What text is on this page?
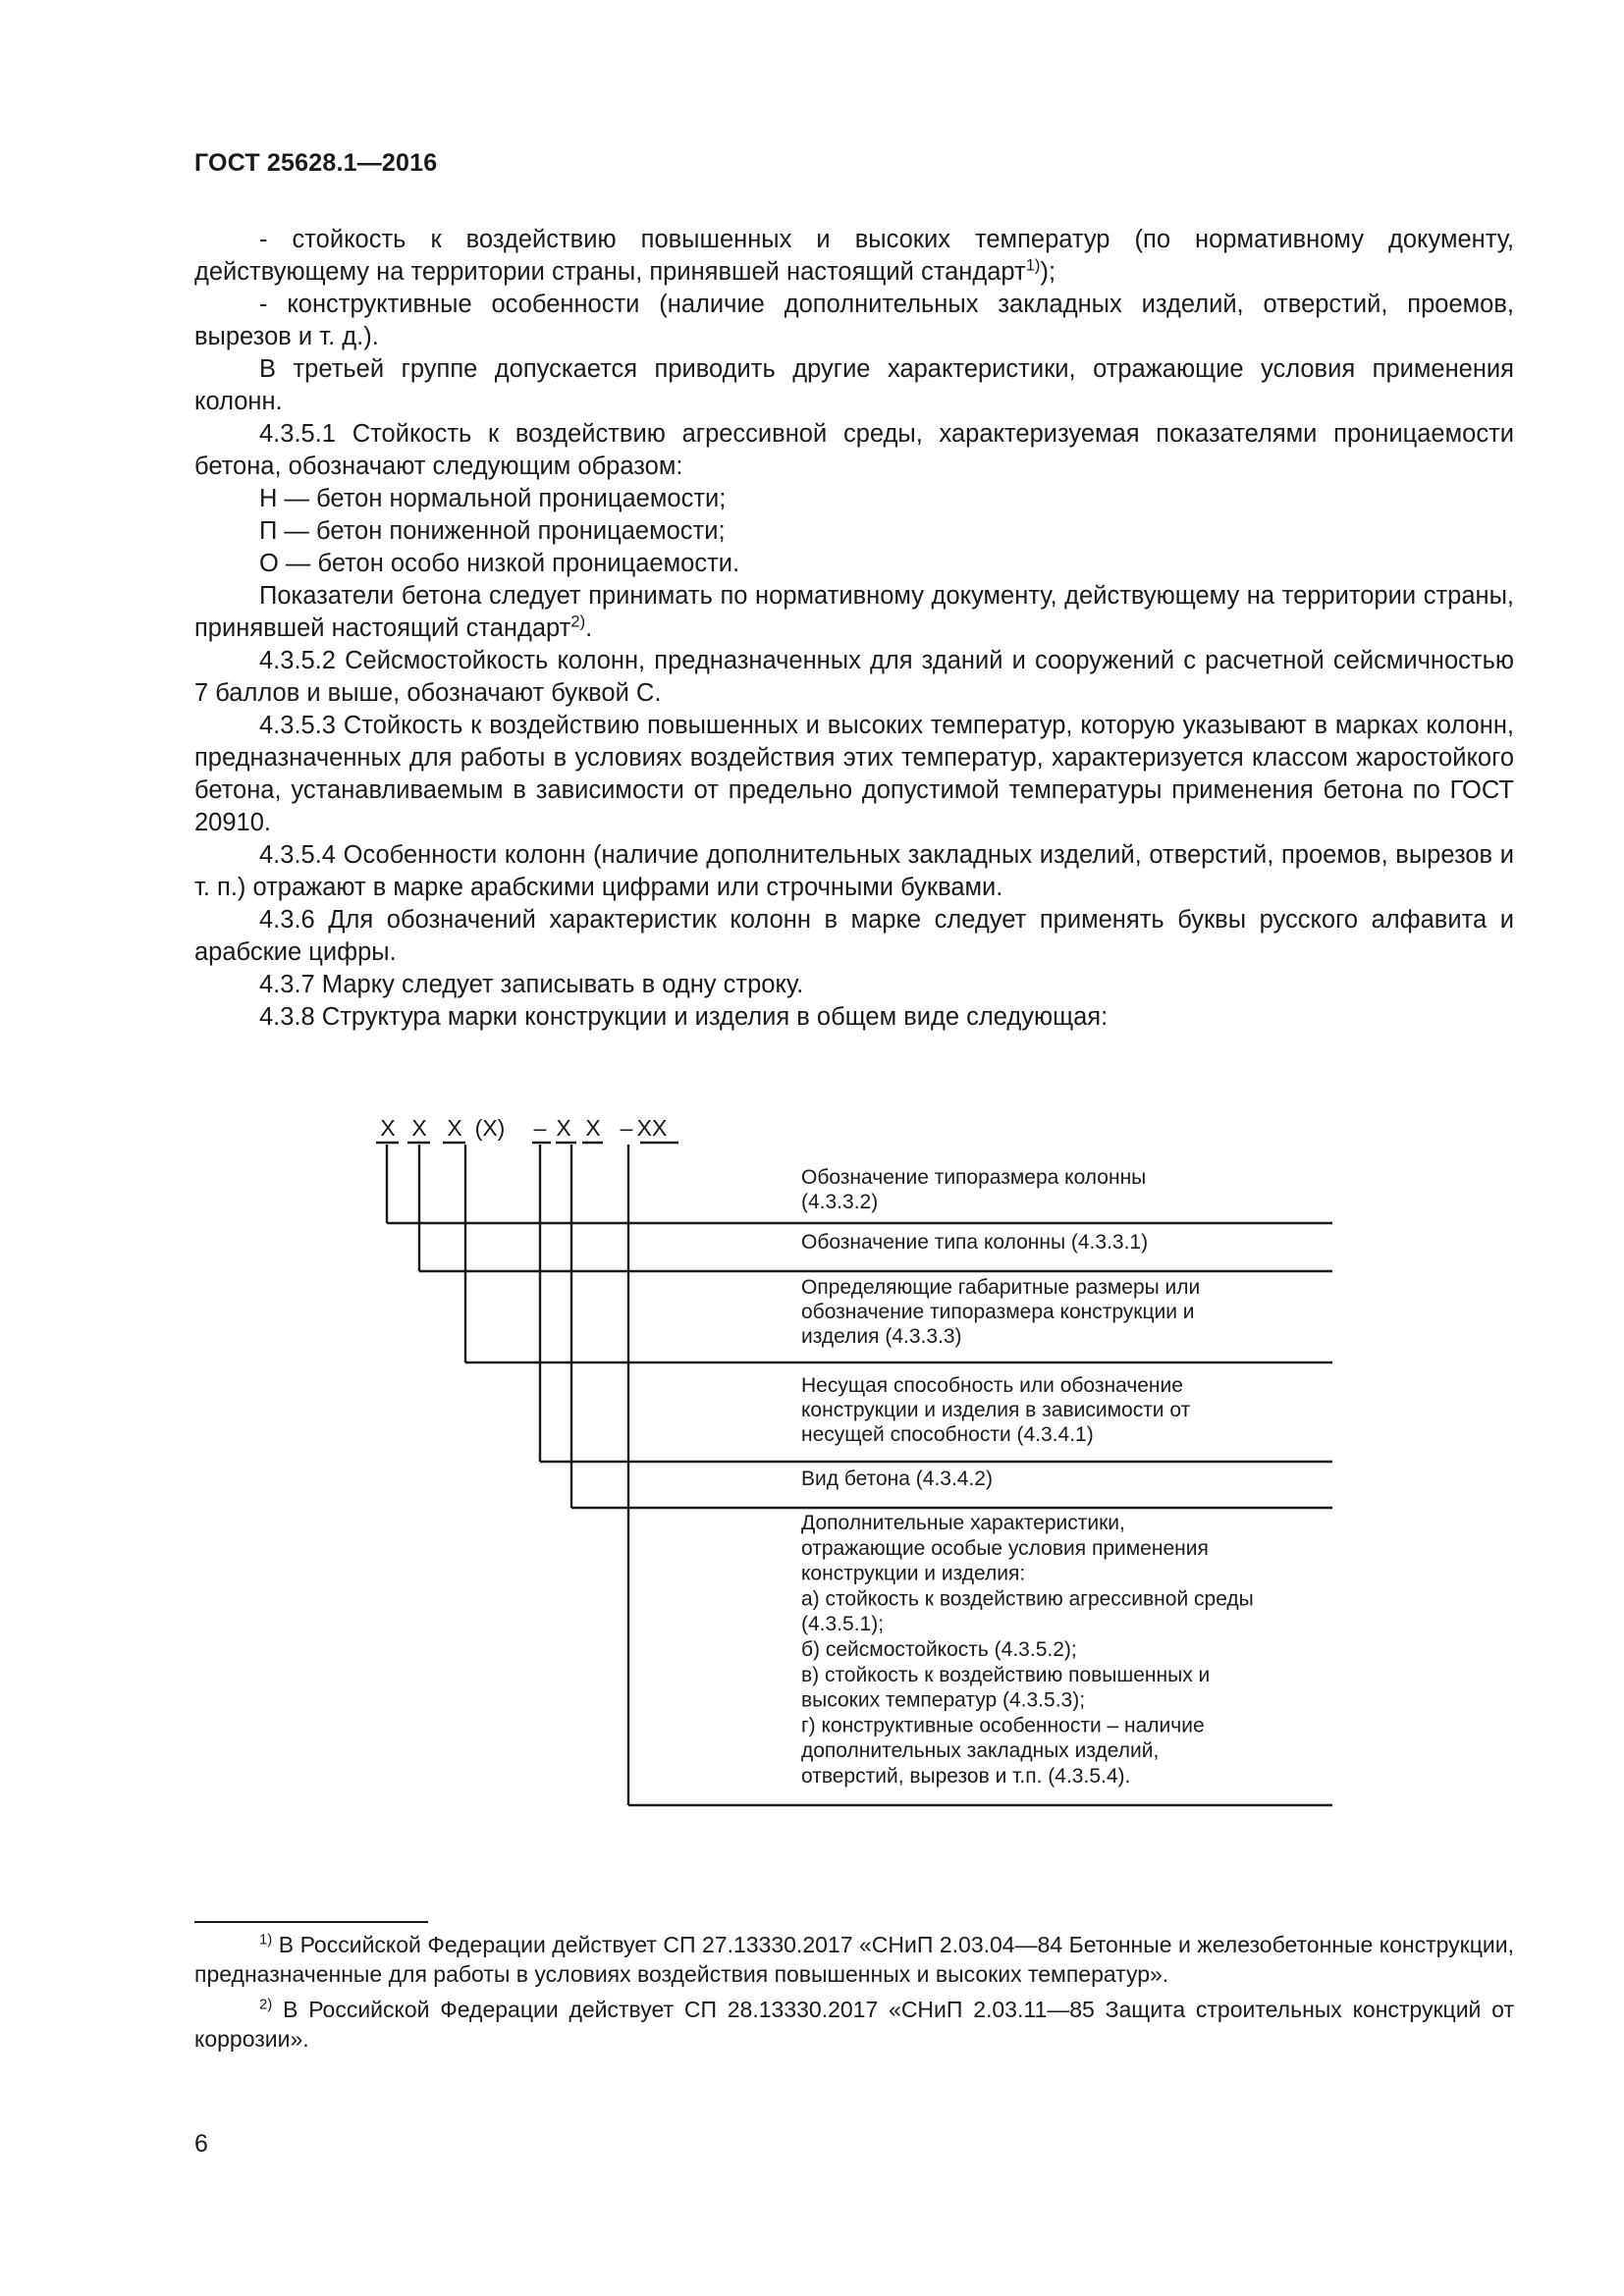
ГОСТ 25628.1—2016

- стойкость к воздействию повышенных и высоких температур (по нормативному документу, действующему на территории страны, принявшей настоящий стандарт$^{1)}$);

- конструктивные особенности (наличие дополнительных закладных изделий, отверстий, проемов, вырезов и т. д.).

В третьей группе допускается приводить другие характеристики, отражающие условия применения колонн.

4.3.5.1 Стойкость к воздействию агрессивной среды, характеризуемая показателями проницаемости бетона, обозначают следующим образом:

Н — бетон нормальной проницаемости;

П — бетон пониженной проницаемости;

О — бетон особо низкой проницаемости.

Показатели бетона следует принимать по нормативному документу, действующему на территории страны, принявшей настоящий стандарт$^{2)}$.

4.3.5.2 Сейсмостойкость колонн, предназначенных для зданий и сооружений с расчетной сейсмичностью 7 баллов и выше, обозначают буквой С.

4.3.5.3 Стойкость к воздействию повышенных и высоких температур, которую указывают в марках колонн, предназначенных для работы в условиях воздействия этих температур, характеризуется классом жаростойкого бетона, устанавливаемым в зависимости от предельно допустимой температуры применения бетона по ГОСТ 20910.

4.3.5.4 Особенности колонн (наличие дополнительных закладных изделий, отверстий, проемов, вырезов и т. п.) отражают в марке арабскими цифрами или строчными буквами.

4.3.6 Для обозначений характеристик колонн в марке следует применять буквы русского алфавита и арабские цифры.

4.3.7 Марку следует записывать в одну строку.

4.3.8 Структура марки конструкции и изделия в общем виде следующая:

Х Х Х (Х) – Х Х – ХХ
Обозначение типоразмера колонны (4.3.3.2)
Обозначение типа колонны (4.3.3.1)
Определяющие габаритные размеры или обозначение типоразмера конструкции и изделия (4.3.3.3)
Несущая способность или обозначение конструкции и изделия в зависимости от несущей способности (4.3.4.1)
Вид бетона (4.3.4.2)
Дополнительные характеристики, отражающие особые условия применения конструкции и изделия: а) стойкость к воздействию агрессивной среды (4.3.5.1); б) сейсмостойкость (4.3.5.2); в) стойкость к воздействию повышенных и высоких температур (4.3.5.3); г) конструктивные особенности – наличие дополнительных закладных изделий, отверстий, вырезов и т.п. (4.3.5.4).

$^{1)}$ В Российской Федерации действует СП 27.13330.2017 «СНиП 2.03.04—84 Бетонные и железобетонные конструкции, предназначенные для работы в условиях воздействия повышенных и высоких температур».

$^{2)}$ В Российской Федерации действует СП 28.13330.2017 «СНиП 2.03.11—85 Защита строительных конструкций от коррозии».

6
